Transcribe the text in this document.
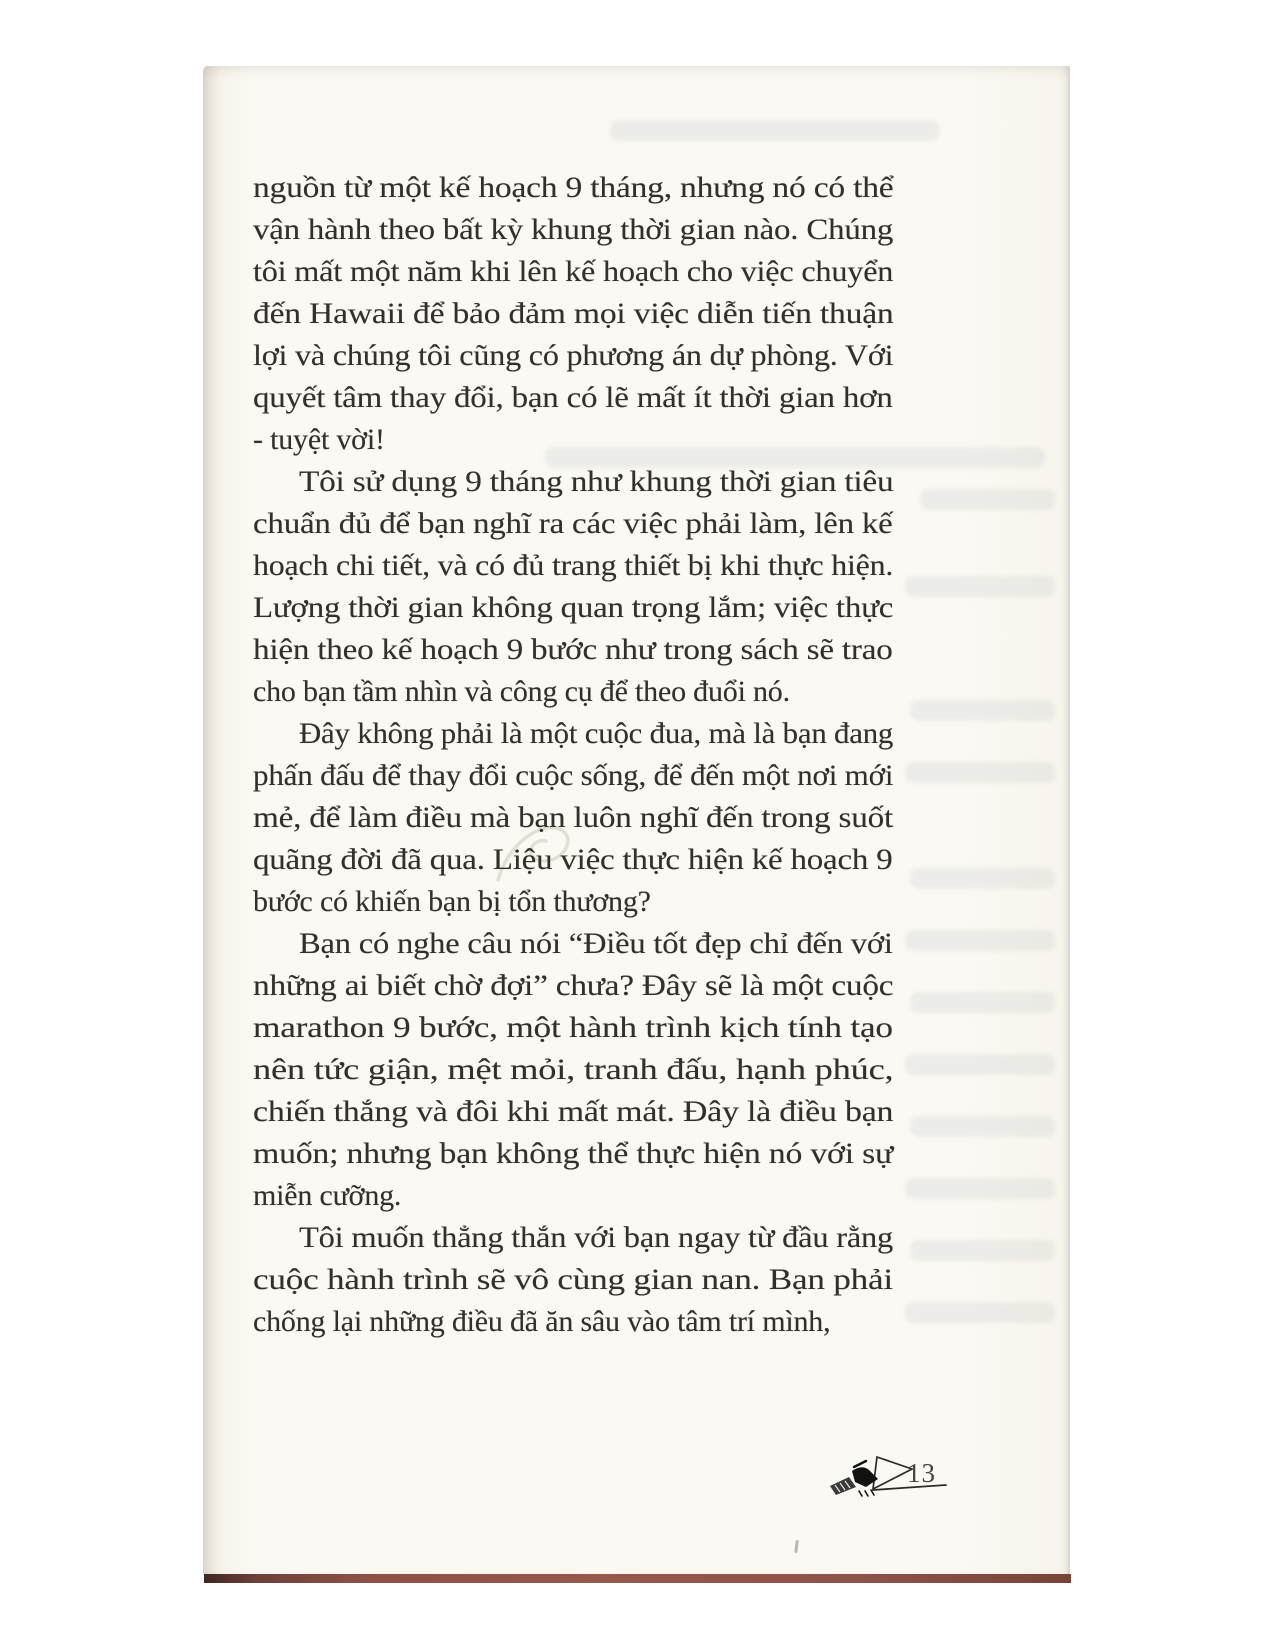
nguồn từ một kế hoạch 9 tháng, nhưng nó có thể
vận hành theo bất kỳ khung thời gian nào. Chúng
tôi mất một năm khi lên kế hoạch cho việc chuyển
đến Hawaii để bảo đảm mọi việc diễn tiến thuận
lợi và chúng tôi cũng có phương án dự phòng. Với
quyết tâm thay đổi, bạn có lẽ mất ít thời gian hơn
- tuyệt vời!
Tôi sử dụng 9 tháng như khung thời gian tiêu
chuẩn đủ để bạn nghĩ ra các việc phải làm, lên kế
hoạch chi tiết, và có đủ trang thiết bị khi thực hiện.
Lượng thời gian không quan trọng lắm; việc thực
hiện theo kế hoạch 9 bước như trong sách sẽ trao
cho bạn tầm nhìn và công cụ để theo đuổi nó.
Đây không phải là một cuộc đua, mà là bạn đang
phấn đấu để thay đổi cuộc sống, để đến một nơi mới
mẻ, để làm điều mà bạn luôn nghĩ đến trong suốt
quãng đời đã qua. Liệu việc thực hiện kế hoạch 9
bước có khiến bạn bị tổn thương?
Bạn có nghe câu nói “Điều tốt đẹp chỉ đến với
những ai biết chờ đợi” chưa? Đây sẽ là một cuộc
marathon 9 bước, một hành trình kịch tính tạo
nên tức giận, mệt mỏi, tranh đấu, hạnh phúc,
chiến thắng và đôi khi mất mát. Đây là điều bạn
muốn; nhưng bạn không thể thực hiện nó với sự
miễn cưỡng.
Tôi muốn thẳng thắn với bạn ngay từ đầu rằng
cuộc hành trình sẽ vô cùng gian nan. Bạn phải
chống lại những điều đã ăn sâu vào tâm trí mình,
13
